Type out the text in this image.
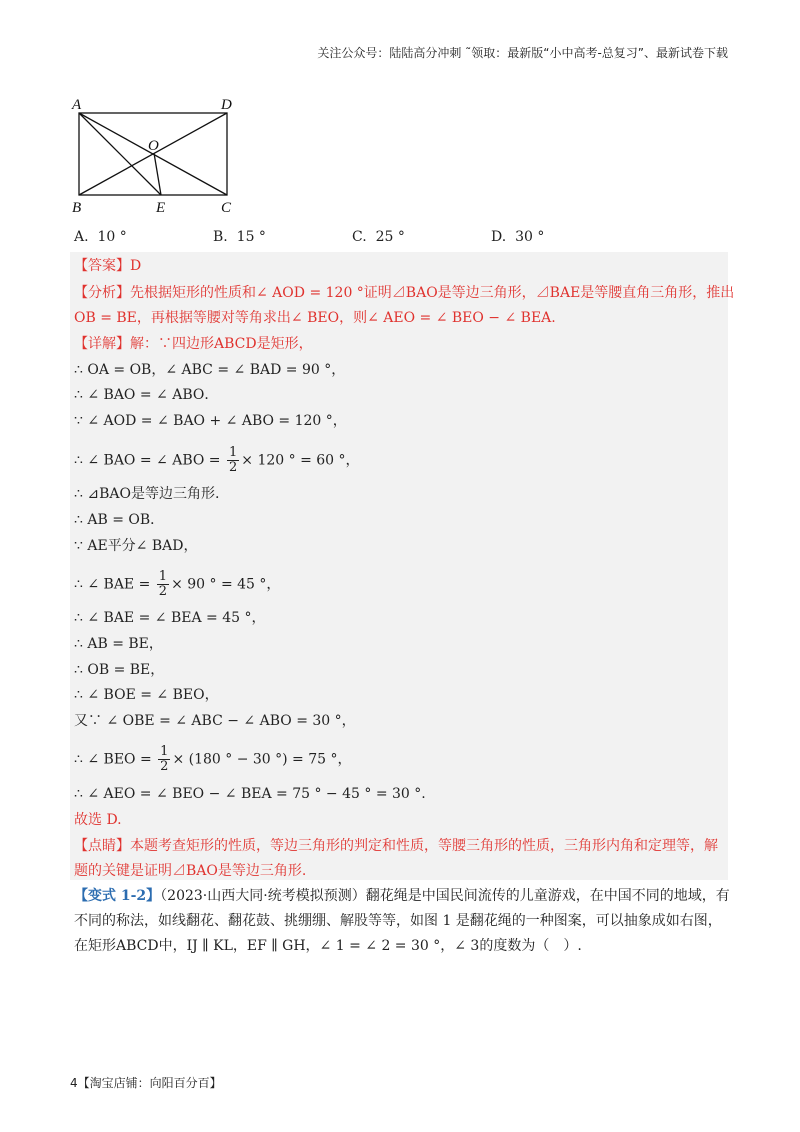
关注公众号：陆陆高分冲刺 ˜领取：最新版“小中高考-总复习”、最新试卷下载
A	D
O
B	E	C
A. 10 °	B. 15 °	C. 25 °	D. 30 °
【答案】D
【分析】先根据矩形的性质和∠ AOD = 120 °证明⊿BAO是等边三角形，⊿BAE是等腰直角三角形，推出
OB = BE，再根据等腰对等角求出∠ BEO，则∠ AEO = ∠ BEO − ∠ BEA.
【详解】解：∵四边形ABCD是矩形，
∴ OA = OB，∠ ABC = ∠ BAD = 90 °，
∴ ∠ BAO = ∠ ABO．
∵ ∠ AOD = ∠ BAO + ∠ ABO = 120 °，
∴ ∠ BAO = ∠ ABO = $\frac{1}{2} \times 120$ ° = 60 °，
∴ ⊿BAO是等边三角形.
∴ AB = OB．
∵ AE平分∠ BAD，
∴ ∠ BAE = $\frac{1}{2} \times 90$ ° = 45 °，
∴ ∠ BAE = ∠ BEA = 45 °，
∴ AB = BE，
∴ OB = BE，
∴ ∠ BOE = ∠ BEO，
又∵ ∠ OBE = ∠ ABC − ∠ ABO = 30 °，
∴ ∠ BEO = $\frac{1}{2} \times (180$ ° − 30 °) = 75 °，
∴ ∠ AEO = ∠ BEO − ∠ BEA = 75 ° − 45 ° = 30 °.
故选 D.
【点睛】本题考查矩形的性质，等边三角形的判定和性质，等腰三角形的性质，三角形内角和定理等，解
题的关键是证明⊿BAO是等边三角形.
【变式 1-2】（2023·山西大同·统考模拟预测）翻花绳是中国民间流传的儿童游戏，在中国不同的地域，有
不同的称法，如线翻花、翻花鼓、挑绷绷、解股等等，如图 1 是翻花绳的一种图案，可以抽象成如右图，
在矩形ABCD中，IJ ∥ KL，EF ∥ GH，∠ 1 = ∠ 2 = 30 °，∠ 3的度数为（　）.
4【淘宝店铺：向阳百分百】
